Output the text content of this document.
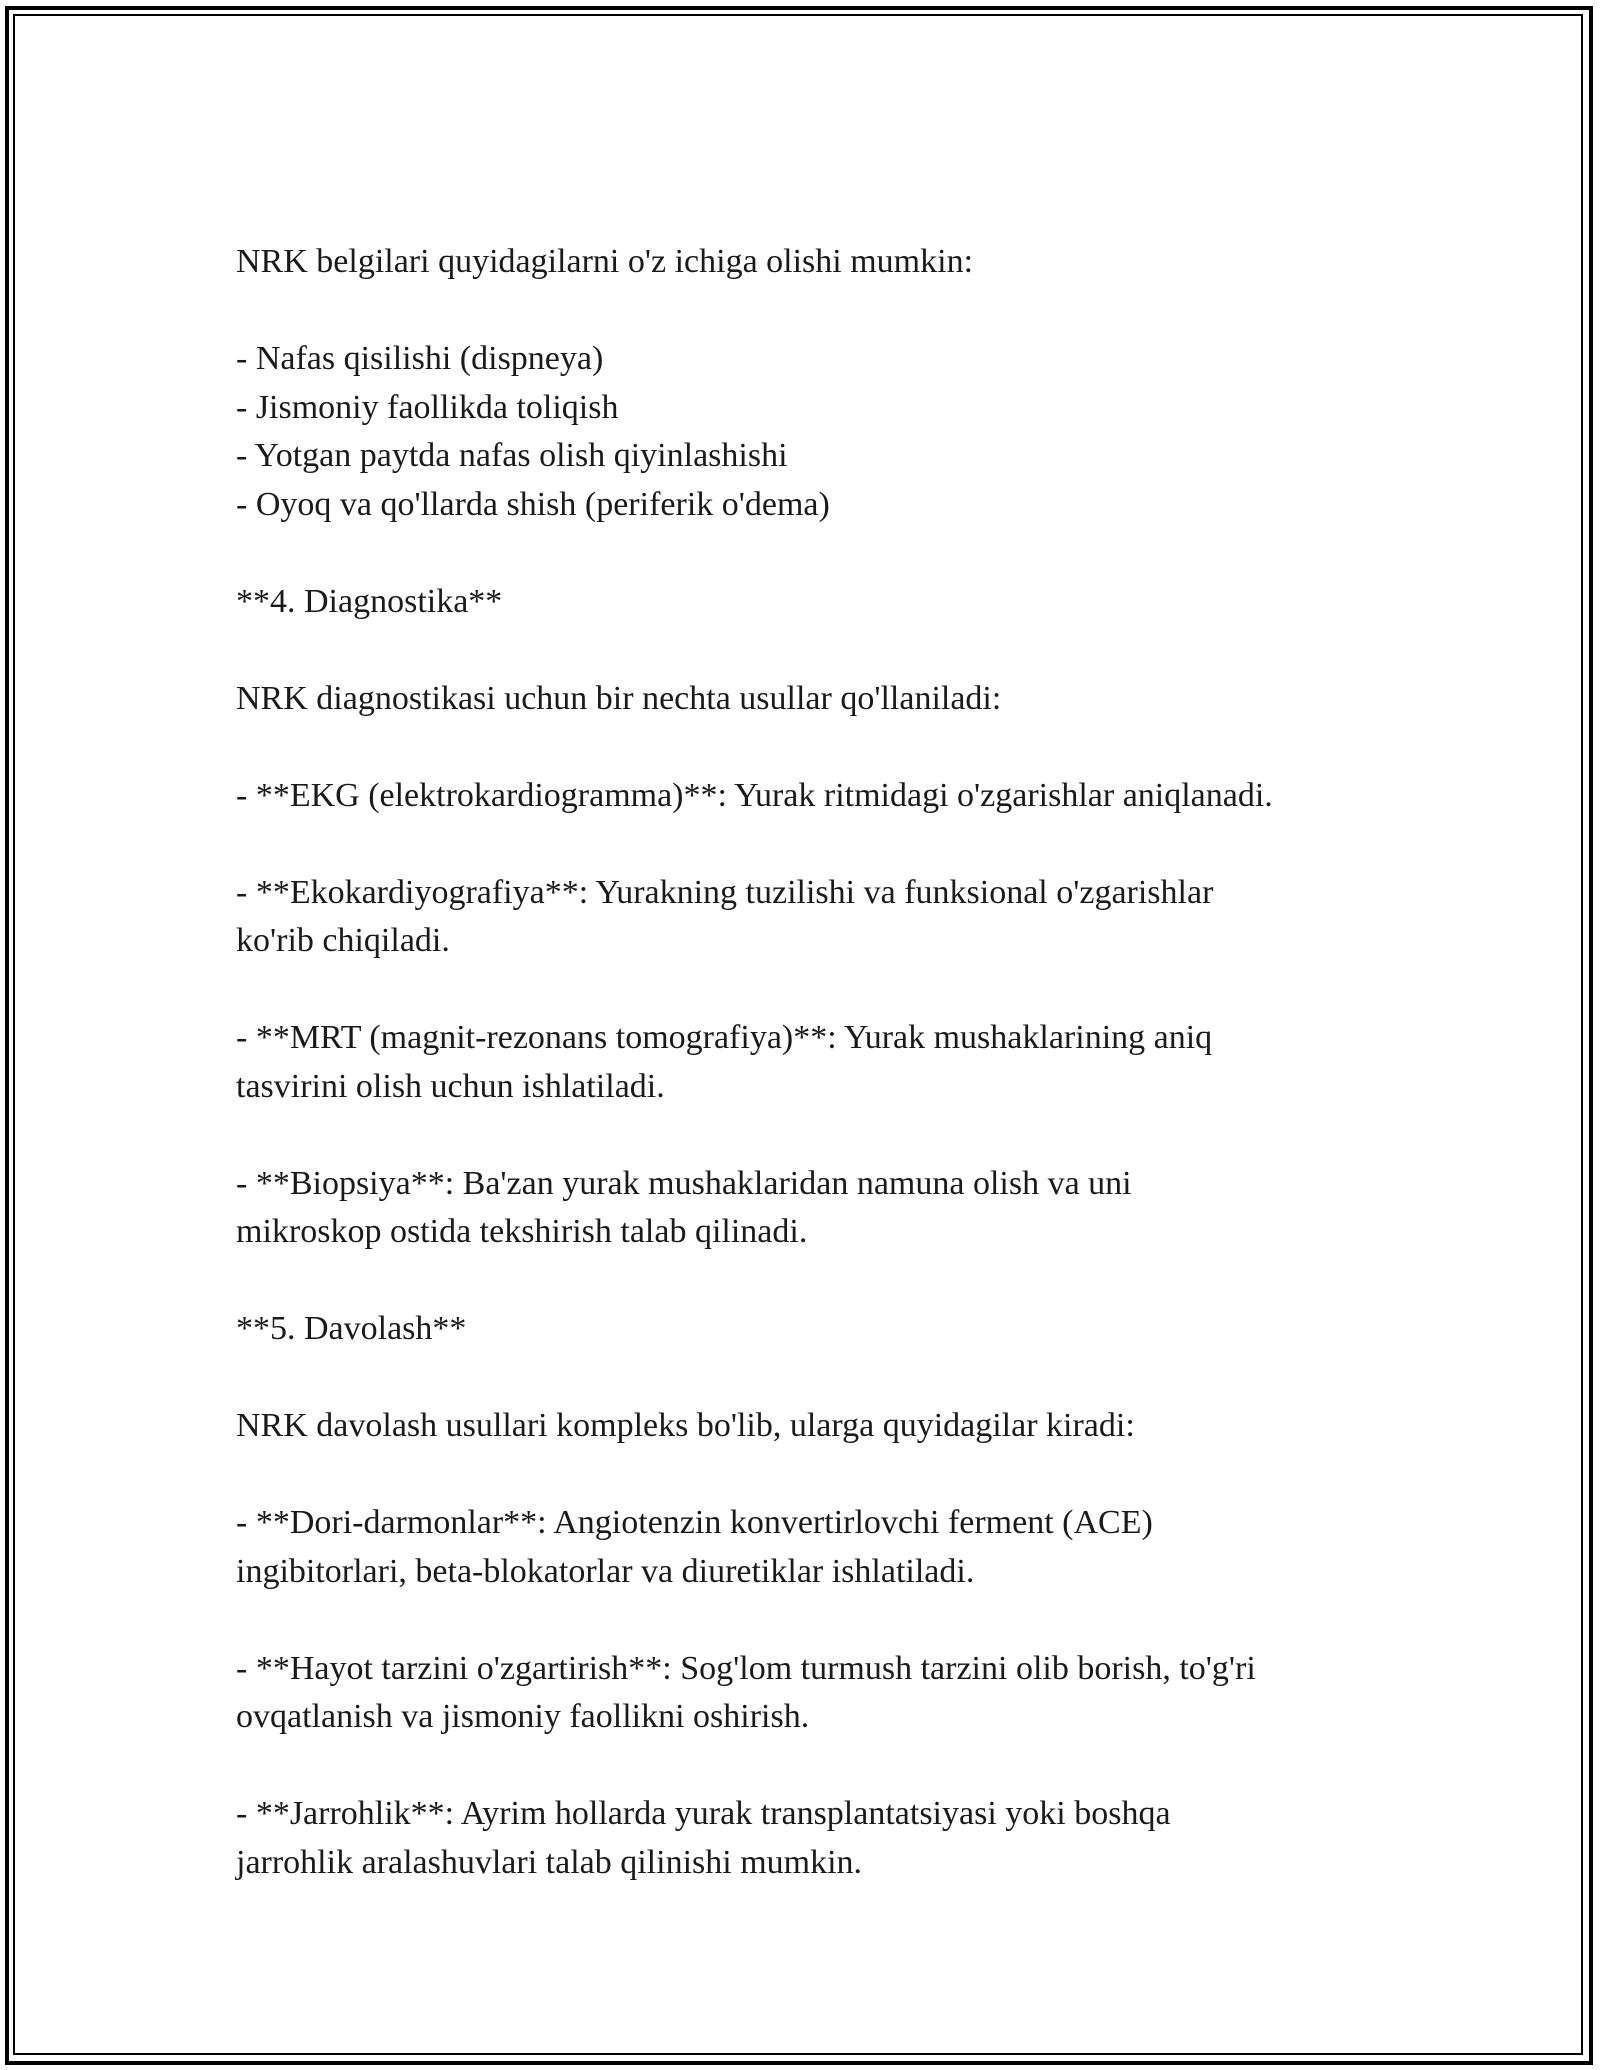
NRK belgilari quyidagilarni o'z ichiga olishi mumkin:
- Nafas qisilishi (dispneya)
- Jismoniy faollikda toliqish
- Yotgan paytda nafas olish qiyinlashishi
- Oyoq va qo'llarda shish (periferik o'dema)
**4. Diagnostika**
NRK diagnostikasi uchun bir nechta usullar qo'llaniladi:
- **EKG (elektrokardiogramma)**: Yurak ritmidagi o'zgarishlar aniqlanadi.
- **Ekokardiyografiya**: Yurakning tuzilishi va funksional o'zgarishlar
ko'rib chiqiladi.
- **MRT (magnit-rezonans tomografiya)**: Yurak mushaklarining aniq
tasvirini olish uchun ishlatiladi.
- **Biopsiya**: Ba'zan yurak mushaklaridan namuna olish va uni
mikroskop ostida tekshirish talab qilinadi.
**5. Davolash**
NRK davolash usullari kompleks bo'lib, ularga quyidagilar kiradi:
- **Dori-darmonlar**: Angiotenzin konvertirlovchi ferment (ACE)
ingibitorlari, beta-blokatorlar va diuretiklar ishlatiladi.
- **Hayot tarzini o'zgartirish**: Sog'lom turmush tarzini olib borish, to'g'ri
ovqatlanish va jismoniy faollikni oshirish.
- **Jarrohlik**: Ayrim hollarda yurak transplantatsiyasi yoki boshqa
jarrohlik aralashuvlari talab qilinishi mumkin.
